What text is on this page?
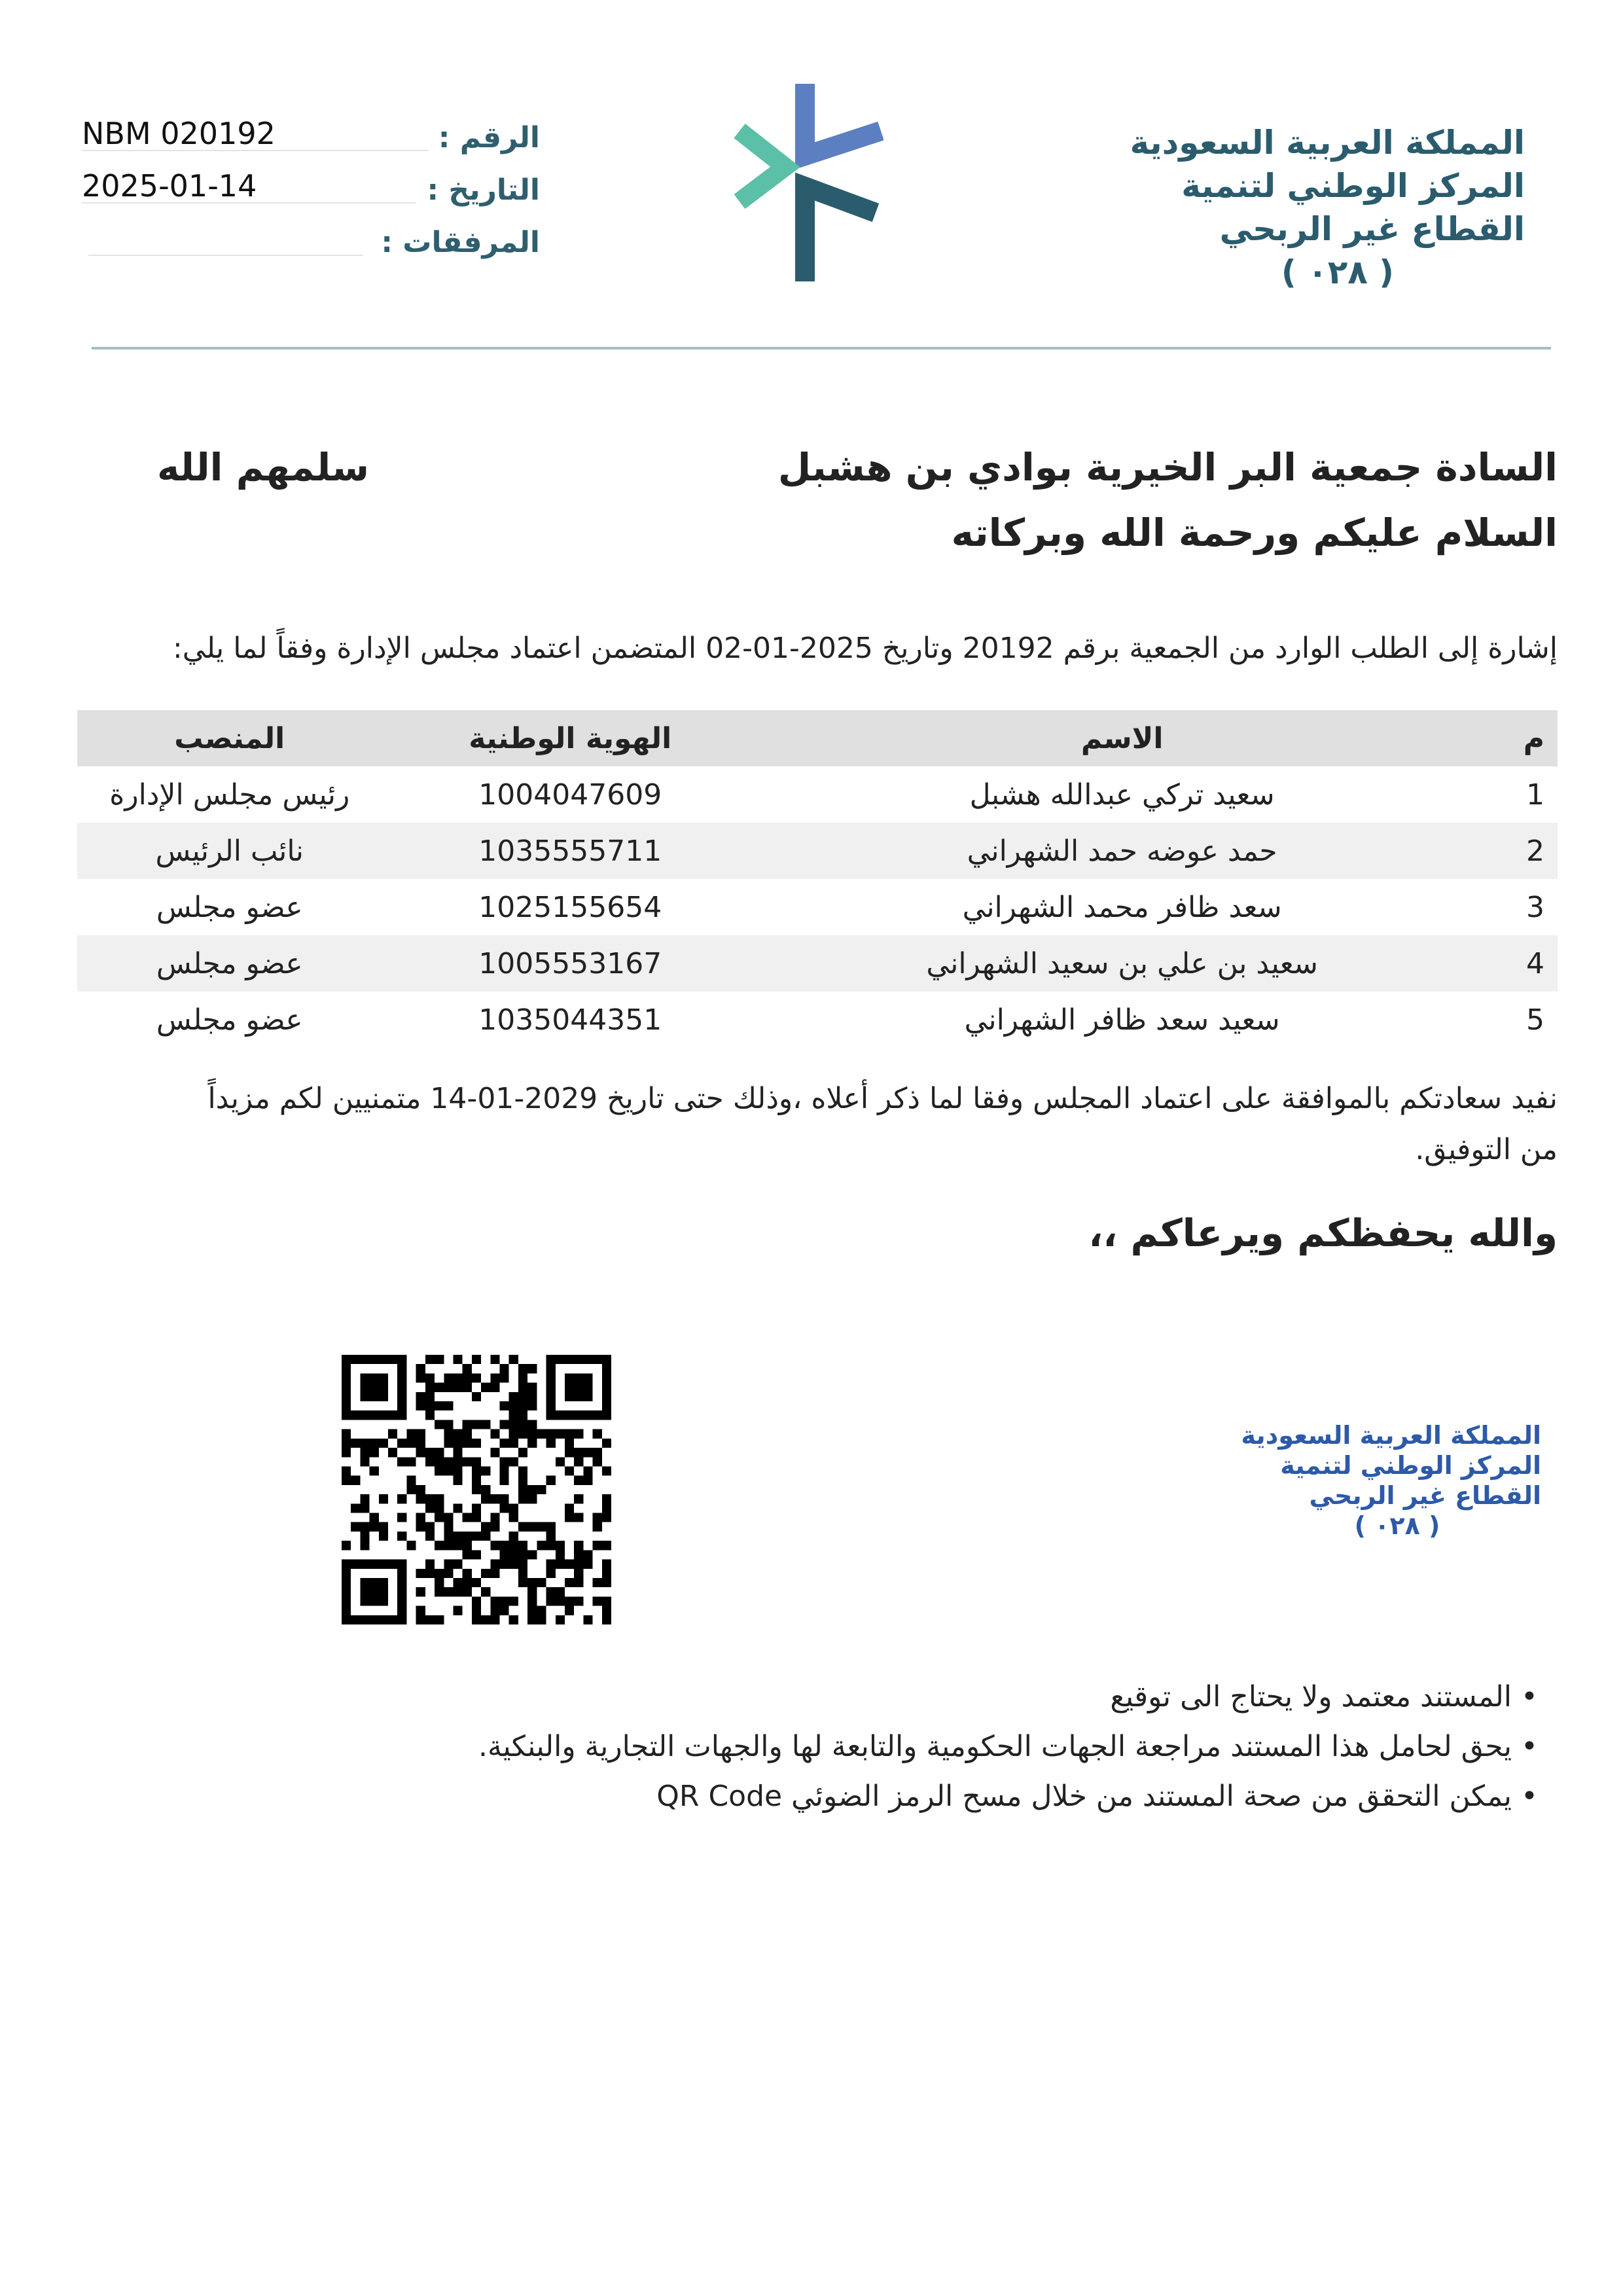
الرقم :
NBM 020192
التاريخ :
2025-01-14
المرفقات :
المملكة العربية السعودية
المركز الوطني لتنمية
القطاع غير الربحي
( ٠٢٨ )
السادة جمعية البر الخيرية بوادي بن هشبل
سلمهم الله
السلام عليكم ورحمة الله وبركاته
إشارة إلى الطلب الوارد من الجمعية برقم 20192 وتاريخ 2025-01-02 المتضمن اعتماد مجلس الإدارة وفقاً لما يلي:
م	الاسم	الهوية الوطنية	المنصب
1	سعيد تركي عبدالله هشبل	1004047609	رئيس مجلس الإدارة
2	حمد عوضه حمد الشهراني	1035555711	نائب الرئيس
3	سعد ظافر محمد الشهراني	1025155654	عضو مجلس
4	سعيد بن علي بن سعيد الشهراني	1005553167	عضو مجلس
5	سعيد سعد ظافر الشهراني	1035044351	عضو مجلس
نفيد سعادتكم بالموافقة على اعتماد المجلس وفقا لما ذكر أعلاه ،وذلك حتى تاريخ 2029-01-14 متمنيين لكم مزيداً من التوفيق.
والله يحفظكم ويرعاكم ،،
المملكة العربية السعودية
المركز الوطني لتنمية
القطاع غير الربحي
( ٠٢٨ )
• المستند معتمد ولا يحتاج الى توقيع
• يحق لحامل هذا المستند مراجعة الجهات الحكومية والتابعة لها والجهات التجارية والبنكية.
• يمكن التحقق من صحة المستند من خلال مسح الرمز الضوئي QR Code
